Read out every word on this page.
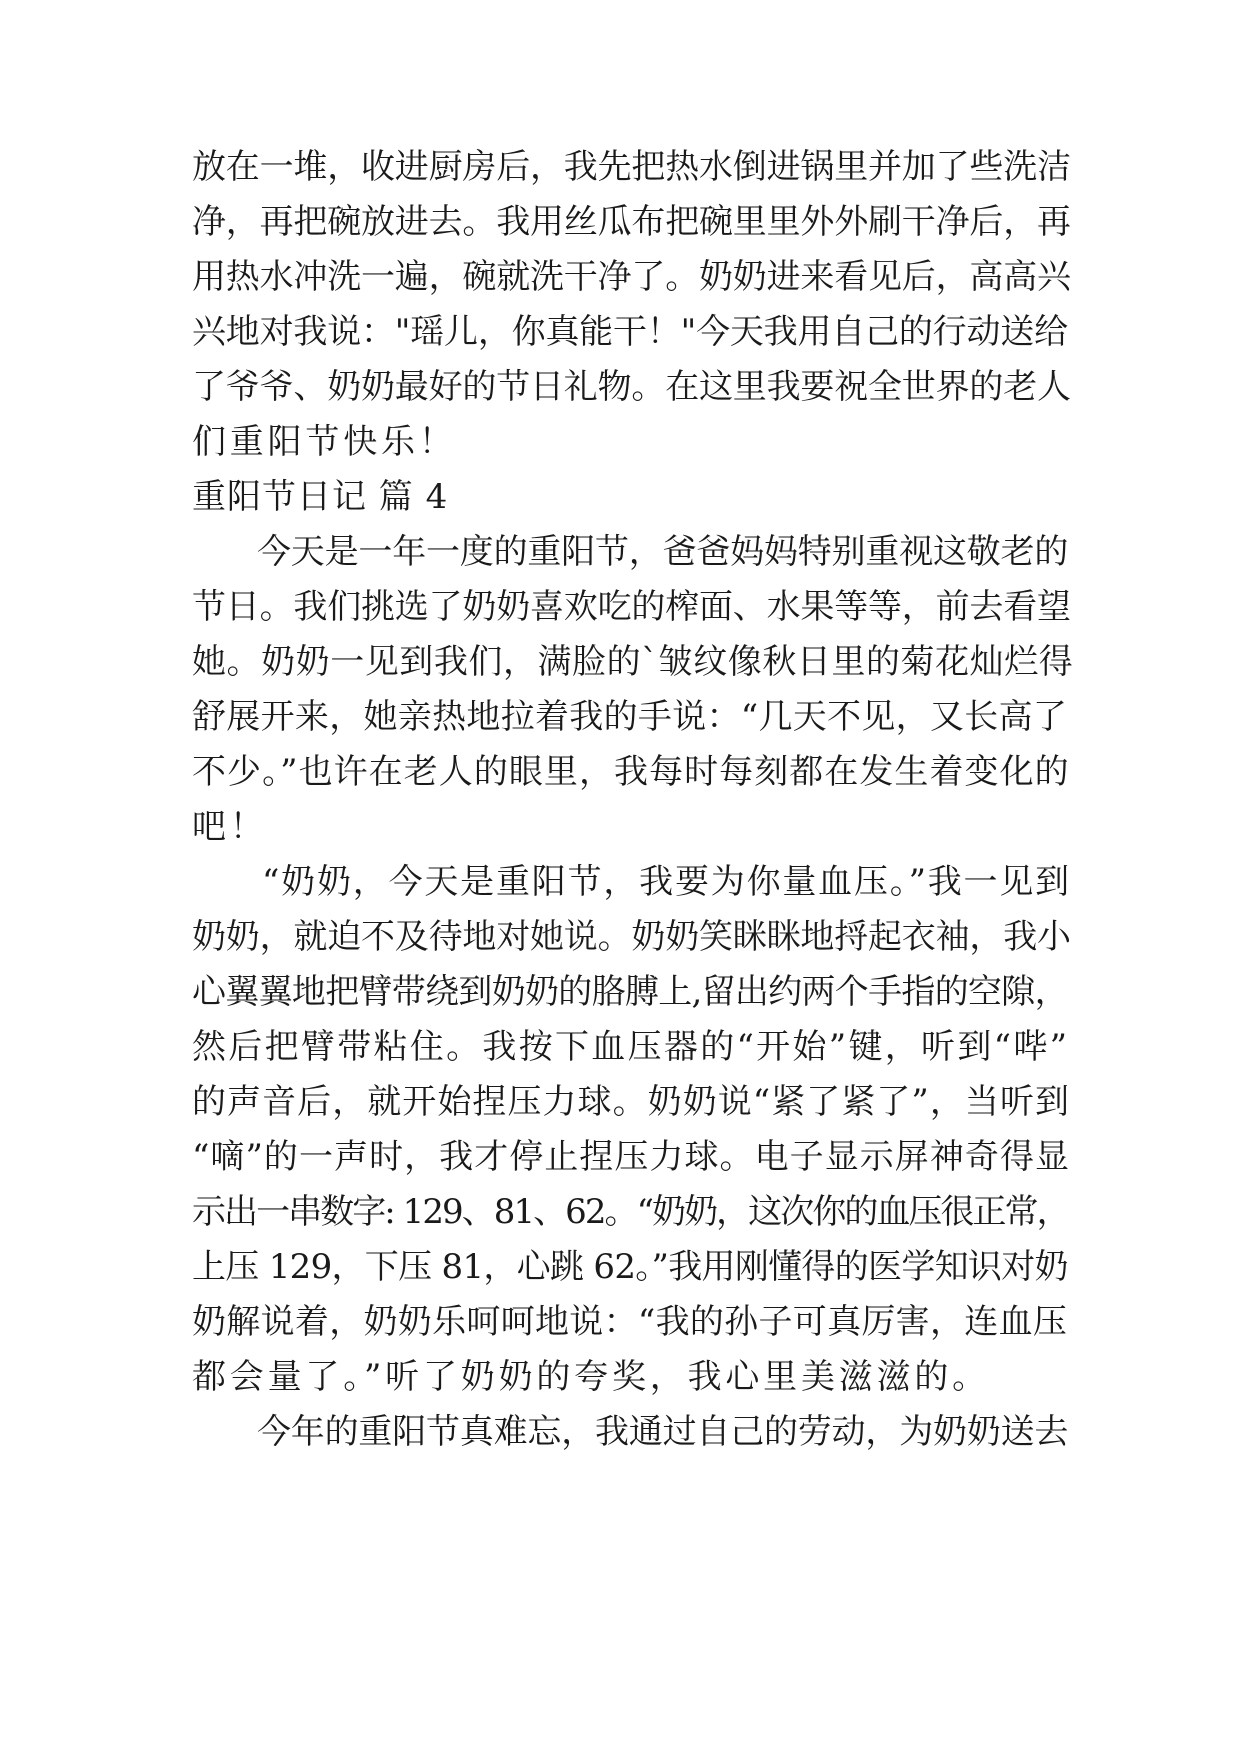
放在一堆，收进厨房后，我先把热水倒进锅里并加了些洗洁
净，再把碗放进去。我用丝瓜布把碗里里外外刷干净后，再
用热水冲洗一遍，碗就洗干净了。奶奶进来看见后，高高兴
兴地对我说："瑶儿，你真能干！"今天我用自己的行动送给
了爷爷、奶奶最好的节日礼物。在这里我要祝全世界的老人
们重阳节快乐！
重阳节日记 篇 4
今天是一年一度的重阳节，爸爸妈妈特别重视这敬老的
节日。我们挑选了奶奶喜欢吃的榨面、水果等等，前去看望
她。奶奶一见到我们，满脸的`皱纹像秋日里的菊花灿烂得
舒展开来，她亲热地拉着我的手说：“几天不见，又长高了
不少。”也许在老人的眼里，我每时每刻都在发生着变化的
吧！
“奶奶，今天是重阳节，我要为你量血压。”我一见到
奶奶，就迫不及待地对她说。奶奶笑眯眯地捋起衣袖，我小
心翼翼地把臂带绕到奶奶的胳膊上,留出约两个手指的空隙，
然后把臂带粘住。我按下血压器的“开始”键，听到“哔”
的声音后，就开始捏压力球。奶奶说“紧了紧了”，当听到
“嘀”的一声时，我才停止捏压力球。电子显示屏神奇得显
示出一串数字: 129、81、62。“奶奶，这次你的血压很正常，
上压 129，下压 81，心跳 62。”我用刚懂得的医学知识对奶
奶解说着，奶奶乐呵呵地说：“我的孙子可真厉害，连血压
都会量了。”听了奶奶的夸奖，我心里美滋滋的。
今年的重阳节真难忘，我通过自己的劳动，为奶奶送去
